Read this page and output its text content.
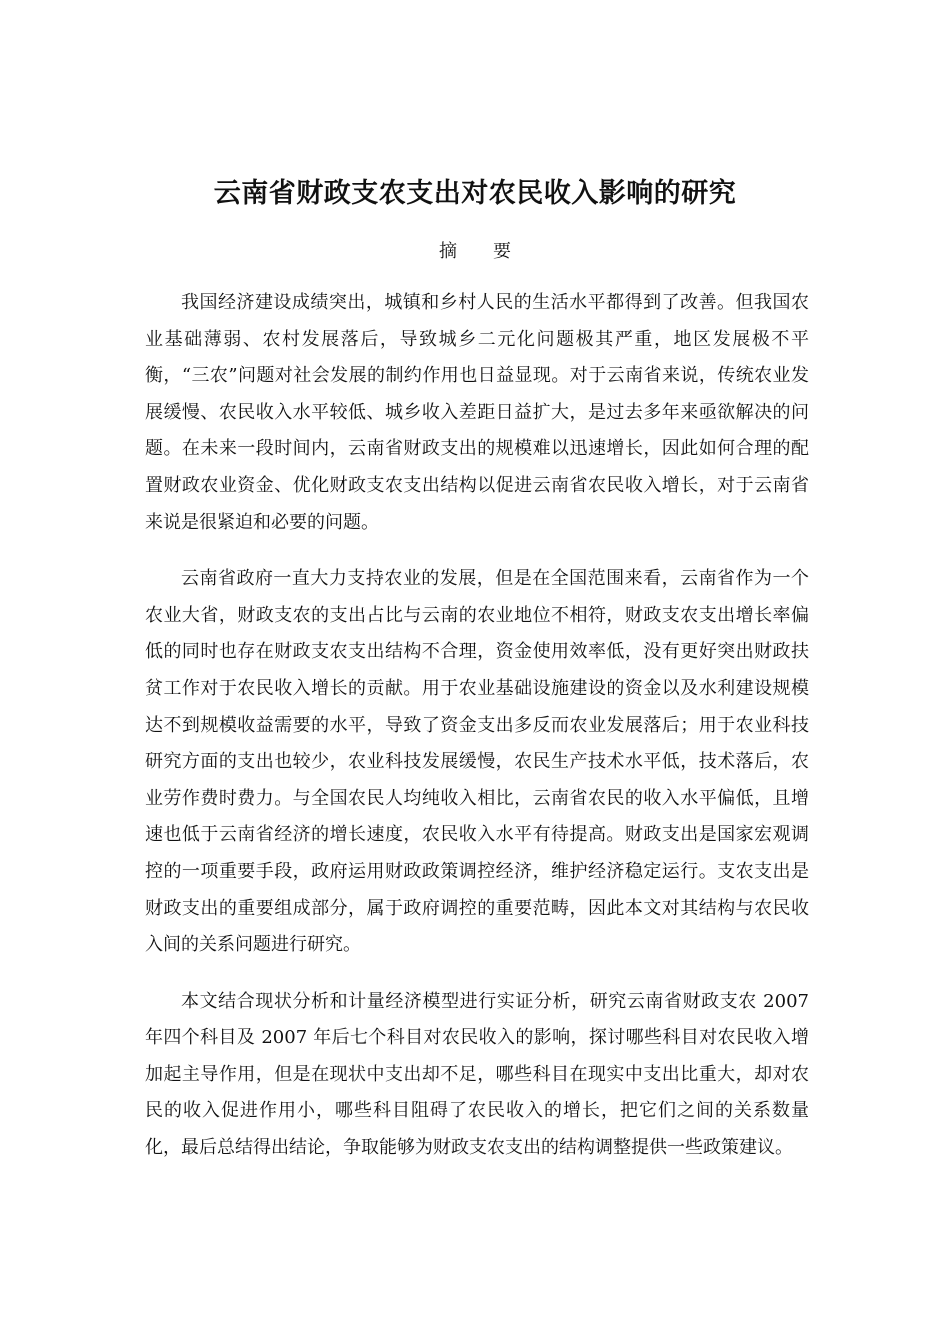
云南省财政支农支出对农民收入影响的研究
摘要

我国经济建设成绩突出，城镇和乡村人民的生活水平都得到了改善。但我国农业基础薄弱、农村发展落后，导致城乡二元化问题极其严重，地区发展极不平衡，“三农”问题对社会发展的制约作用也日益显现。对于云南省来说，传统农业发展缓慢、农民收入水平较低、城乡收入差距日益扩大，是过去多年来亟欲解决的问题。在未来一段时间内，云南省财政支出的规模难以迅速增长，因此如何合理的配置财政农业资金、优化财政支农支出结构以促进云南省农民收入增长，对于云南省来说是很紧迫和必要的问题。

云南省政府一直大力支持农业的发展，但是在全国范围来看，云南省作为一个农业大省，财政支农的支出占比与云南的农业地位不相符，财政支农支出增长率偏低的同时也存在财政支农支出结构不合理，资金使用效率低，没有更好突出财政扶贫工作对于农民收入增长的贡献。用于农业基础设施建设的资金以及水利建设规模达不到规模收益需要的水平，导致了资金支出多反而农业发展落后；用于农业科技研究方面的支出也较少，农业科技发展缓慢，农民生产技术水平低，技术落后，农业劳作费时费力。与全国农民人均纯收入相比，云南省农民的收入水平偏低，且增速也低于云南省经济的增长速度，农民收入水平有待提高。财政支出是国家宏观调控的一项重要手段，政府运用财政政策调控经济，维护经济稳定运行。支农支出是财政支出的重要组成部分，属于政府调控的重要范畴，因此本文对其结构与农民收入间的关系问题进行研究。

本文结合现状分析和计量经济模型进行实证分析，研究云南省财政支农 2007 年四个科目及 2007 年后七个科目对农民收入的影响，探讨哪些科目对农民收入增加起主导作用，但是在现状中支出却不足，哪些科目在现实中支出比重大，却对农民的收入促进作用小，哪些科目阻碍了农民收入的增长，把它们之间的关系数量化，最后总结得出结论，争取能够为财政支农支出的结构调整提供一些政策建议。
